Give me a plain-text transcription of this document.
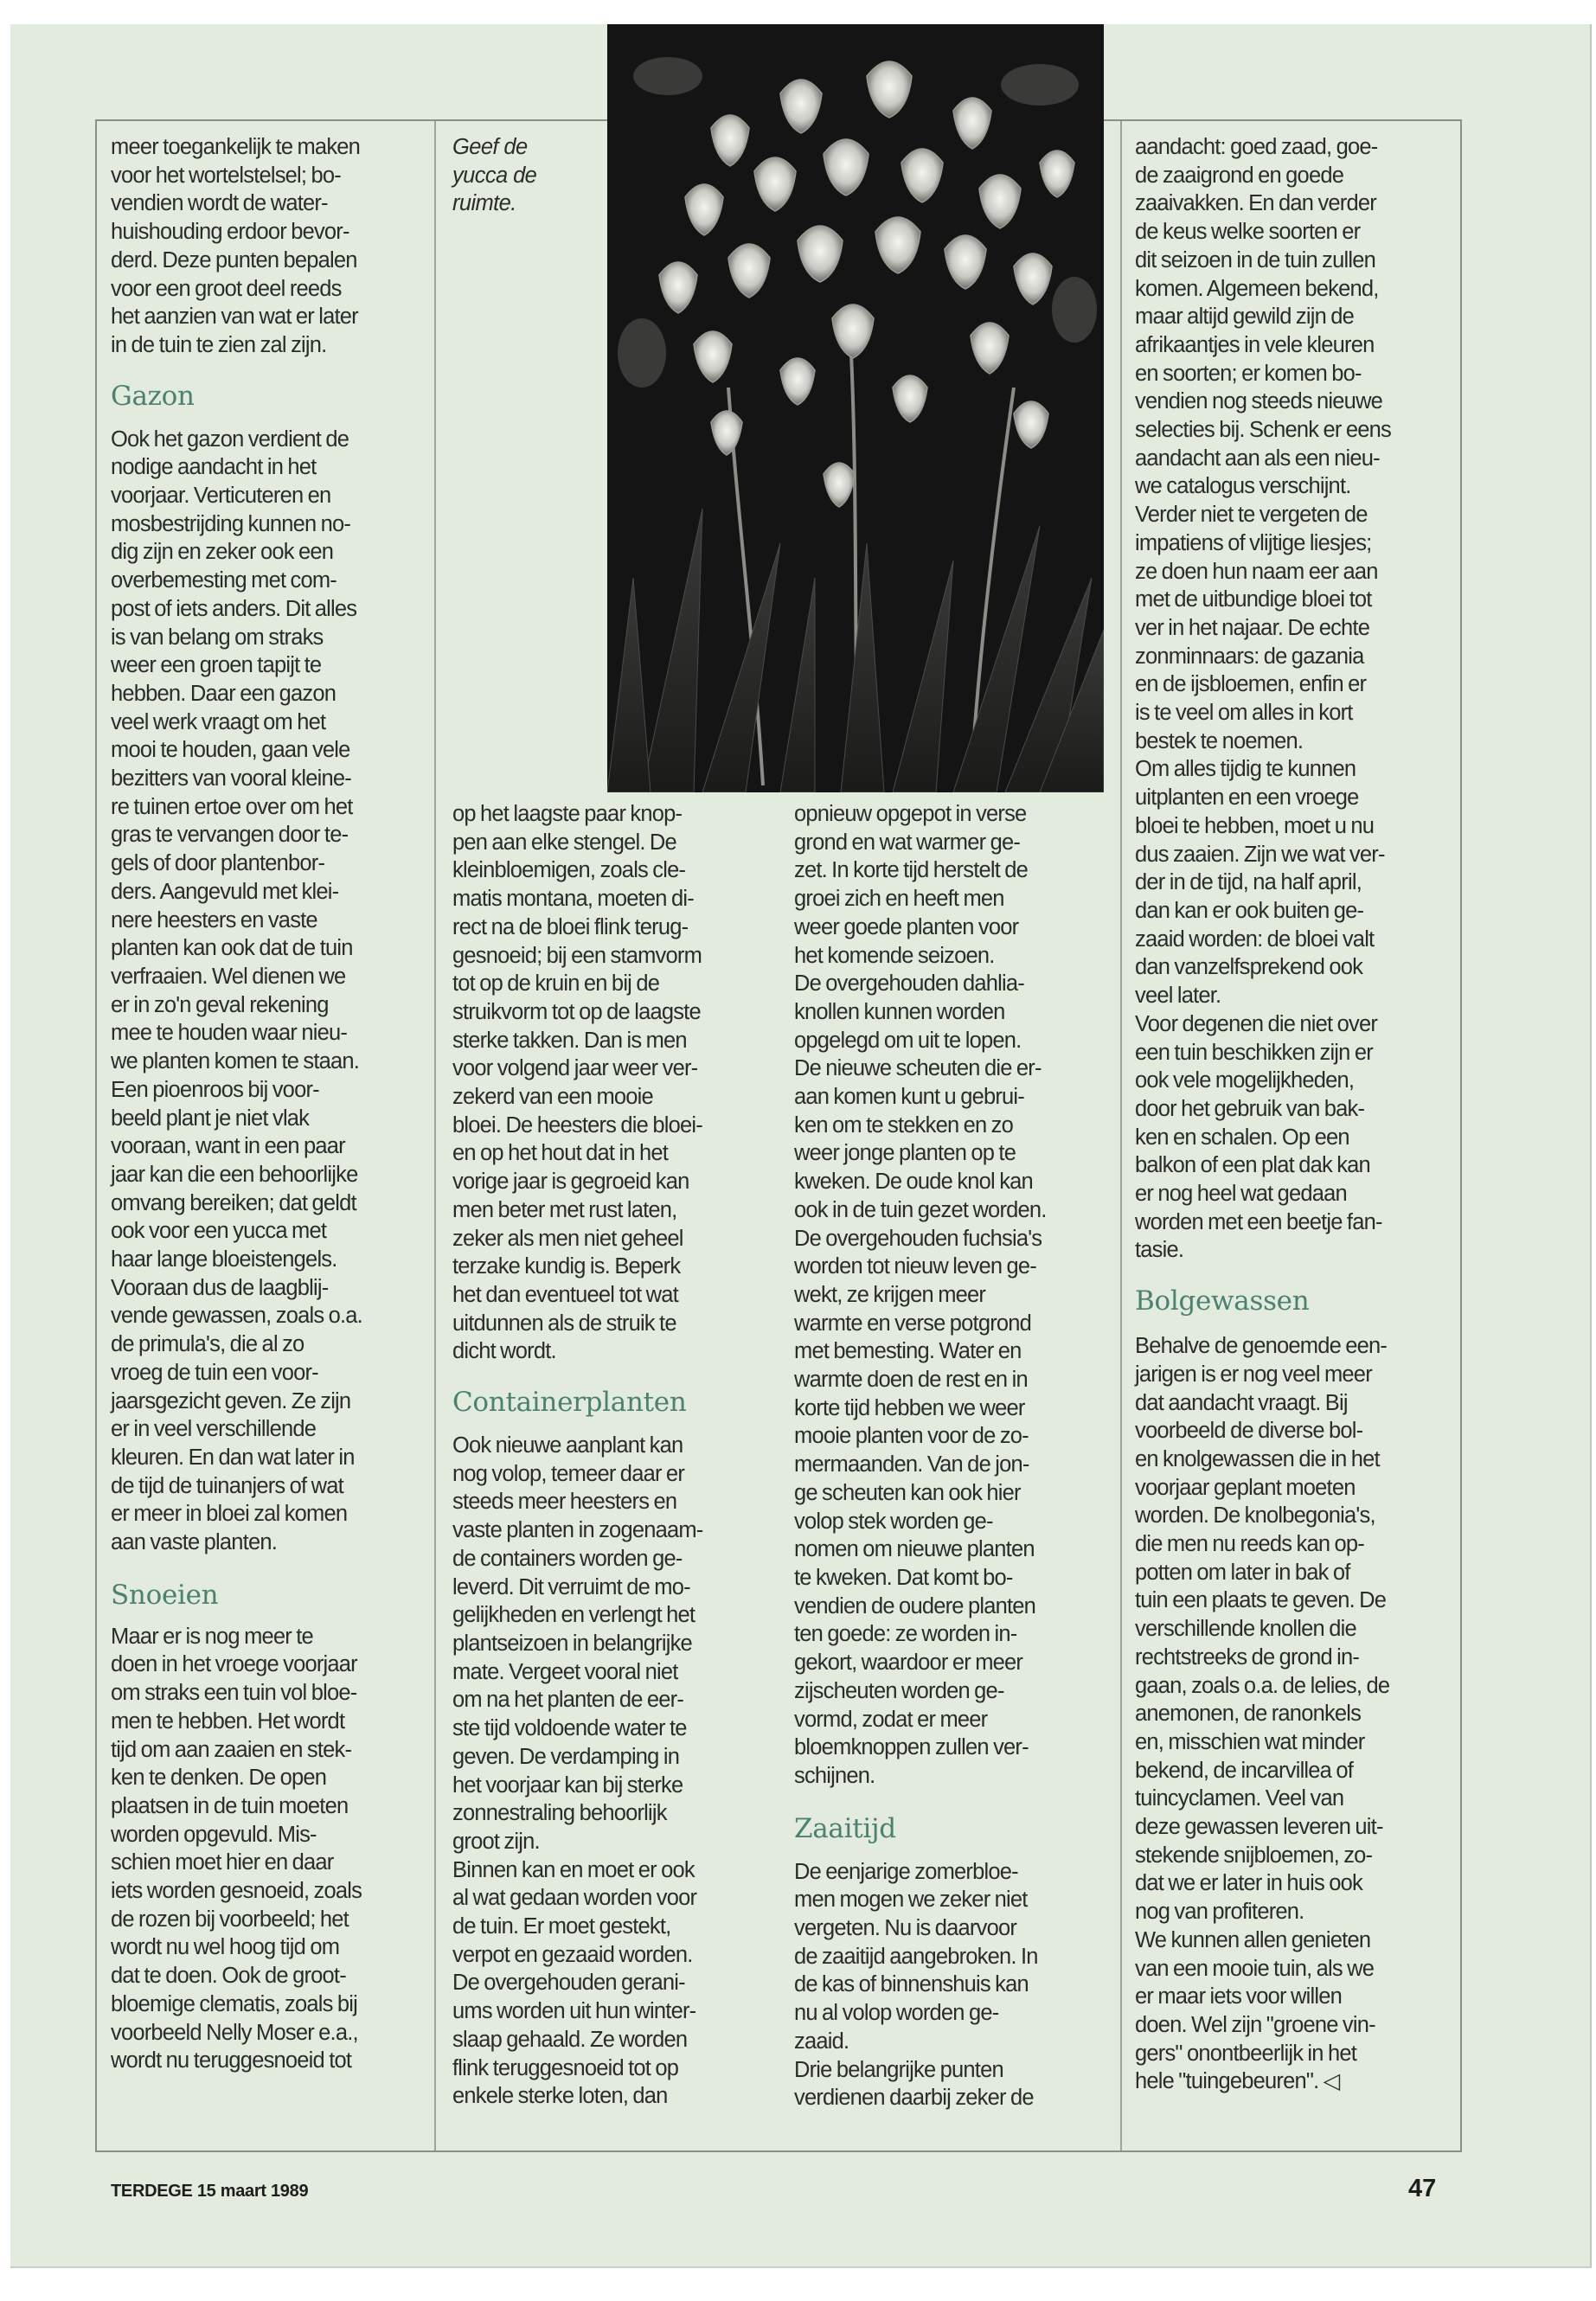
Geef de
yucca de
ruimte.

meer toegankelijk te maken
voor het wortelstelsel; bo-
vendien wordt de water-
huishouding erdoor bevor-
derd. Deze punten bepalen
voor een groot deel reeds
het aanzien van wat er later
in de tuin te zien zal zijn.

Gazon

Ook het gazon verdient de
nodige aandacht in het
voorjaar. Verticuteren en
mosbestrijding kunnen no-
dig zijn en zeker ook een
overbemesting met com-
post of iets anders. Dit alles
is van belang om straks
weer een groen tapijt te
hebben. Daar een gazon
veel werk vraagt om het
mooi te houden, gaan vele
bezitters van vooral kleine-
re tuinen ertoe over om het
gras te vervangen door te-
gels of door plantenbor-
ders. Aangevuld met klei-
nere heesters en vaste
planten kan ook dat de tuin
verfraaien. Wel dienen we
er in zo'n geval rekening
mee te houden waar nieu-
we planten komen te staan.
Een pioenroos bij voor-
beeld plant je niet vlak
vooraan, want in een paar
jaar kan die een behoorlijke
omvang bereiken; dat geldt
ook voor een yucca met
haar lange bloeistengels.
Vooraan dus de laagblij-
vende gewassen, zoals o.a.
de primula's, die al zo
vroeg de tuin een voor-
jaarsgezicht geven. Ze zijn
er in veel verschillende
kleuren. En dan wat later in
de tijd de tuinanjers of wat
er meer in bloei zal komen
aan vaste planten.

Snoeien

Maar er is nog meer te
doen in het vroege voorjaar
om straks een tuin vol bloe-
men te hebben. Het wordt
tijd om aan zaaien en stek-
ken te denken. De open
plaatsen in de tuin moeten
worden opgevuld. Mis-
schien moet hier en daar
iets worden gesnoeid, zoals
de rozen bij voorbeeld; het
wordt nu wel hoog tijd om
dat te doen. Ook de groot-
bloemige clematis, zoals bij
voorbeeld Nelly Moser e.a.,
wordt nu teruggesnoeid tot

op het laagste paar knop-
pen aan elke stengel. De
kleinbloemigen, zoals cle-
matis montana, moeten di-
rect na de bloei flink terug-
gesnoeid; bij een stamvorm
tot op de kruin en bij de
struikvorm tot op de laagste
sterke takken. Dan is men
voor volgend jaar weer ver-
zekerd van een mooie
bloei. De heesters die bloei-
en op het hout dat in het
vorige jaar is gegroeid kan
men beter met rust laten,
zeker als men niet geheel
terzake kundig is. Beperk
het dan eventueel tot wat
uitdunnen als de struik te
dicht wordt.

Containerplanten

Ook nieuwe aanplant kan
nog volop, temeer daar er
steeds meer heesters en
vaste planten in zogenaam-
de containers worden ge-
leverd. Dit verruimt de mo-
gelijkheden en verlengt het
plantseizoen in belangrijke
mate. Vergeet vooral niet
om na het planten de eer-
ste tijd voldoende water te
geven. De verdamping in
het voorjaar kan bij sterke
zonnestraling behoorlijk
groot zijn.
Binnen kan en moet er ook
al wat gedaan worden voor
de tuin. Er moet gestekt,
verpot en gezaaid worden.
De overgehouden gerani-
ums worden uit hun winter-
slaap gehaald. Ze worden
flink teruggesnoeid tot op
enkele sterke loten, dan

opnieuw opgepot in verse
grond en wat warmer ge-
zet. In korte tijd herstelt de
groei zich en heeft men
weer goede planten voor
het komende seizoen.
De overgehouden dahlia-
knollen kunnen worden
opgelegd om uit te lopen.
De nieuwe scheuten die er-
aan komen kunt u gebrui-
ken om te stekken en zo
weer jonge planten op te
kweken. De oude knol kan
ook in de tuin gezet worden.
De overgehouden fuchsia's
worden tot nieuw leven ge-
wekt, ze krijgen meer
warmte en verse potgrond
met bemesting. Water en
warmte doen de rest en in
korte tijd hebben we weer
mooie planten voor de zo-
mermaanden. Van de jon-
ge scheuten kan ook hier
volop stek worden ge-
nomen om nieuwe planten
te kweken. Dat komt bo-
vendien de oudere planten
ten goede: ze worden in-
gekort, waardoor er meer
zijscheuten worden ge-
vormd, zodat er meer
bloemknoppen zullen ver-
schijnen.

Zaaitijd

De eenjarige zomerbloe-
men mogen we zeker niet
vergeten. Nu is daarvoor
de zaaitijd aangebroken. In
de kas of binnenshuis kan
nu al volop worden ge-
zaaid.
Drie belangrijke punten
verdienen daarbij zeker de

aandacht: goed zaad, goe-
de zaaigrond en goede
zaaivakken. En dan verder
de keus welke soorten er
dit seizoen in de tuin zullen
komen. Algemeen bekend,
maar altijd gewild zijn de
afrikaantjes in vele kleuren
en soorten; er komen bo-
vendien nog steeds nieuwe
selecties bij. Schenk er eens
aandacht aan als een nieu-
we catalogus verschijnt.
Verder niet te vergeten de
impatiens of vlijtige liesjes;
ze doen hun naam eer aan
met de uitbundige bloei tot
ver in het najaar. De echte
zonminnaars: de gazania
en de ijsbloemen, enfin er
is te veel om alles in kort
bestek te noemen.
Om alles tijdig te kunnen
uitplanten en een vroege
bloei te hebben, moet u nu
dus zaaien. Zijn we wat ver-
der in de tijd, na half april,
dan kan er ook buiten ge-
zaaid worden: de bloei valt
dan vanzelfsprekend ook
veel later.
Voor degenen die niet over
een tuin beschikken zijn er
ook vele mogelijkheden,
door het gebruik van bak-
ken en schalen. Op een
balkon of een plat dak kan
er nog heel wat gedaan
worden met een beetje fan-
tasie.

Bolgewassen

Behalve de genoemde een-
jarigen is er nog veel meer
dat aandacht vraagt. Bij
voorbeeld de diverse bol-
en knolgewassen die in het
voorjaar geplant moeten
worden. De knolbegonia's,
die men nu reeds kan op-
potten om later in bak of
tuin een plaats te geven. De
verschillende knollen die
rechtstreeks de grond in-
gaan, zoals o.a. de lelies, de
anemonen, de ranonkels
en, misschien wat minder
bekend, de incarvillea of
tuincyclamen. Veel van
deze gewassen leveren uit-
stekende snijbloemen, zo-
dat we er later in huis ook
nog van profiteren.
We kunnen allen genieten
van een mooie tuin, als we
er maar iets voor willen
doen. Wel zijn "groene vin-
gers" onontbeerlijk in het
hele "tuingebeuren". ◁

TERDEGE 15 maart 1989	47
